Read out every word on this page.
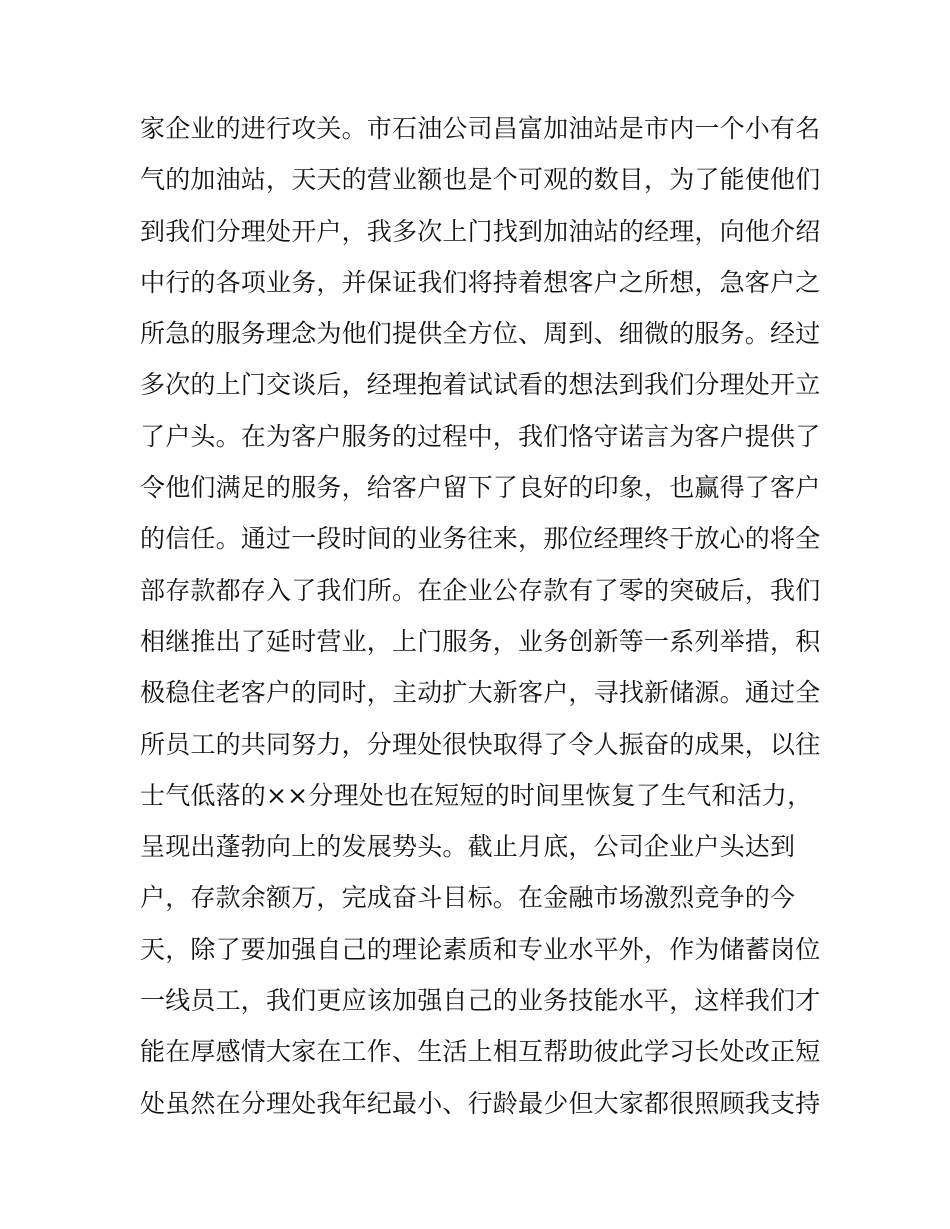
家企业的进行攻关。市石油公司昌富加油站是市内一个小有名
气的加油站，天天的营业额也是个可观的数目，为了能使他们
到我们分理处开户，我多次上门找到加油站的经理，向他介绍
中行的各项业务，并保证我们将持着想客户之所想，急客户之
所急的服务理念为他们提供全方位、周到、细微的服务。经过
多次的上门交谈后，经理抱着试试看的想法到我们分理处开立
了户头。在为客户服务的过程中，我们恪守诺言为客户提供了
令他们满足的服务，给客户留下了良好的印象，也赢得了客户
的信任。通过一段时间的业务往来，那位经理终于放心的将全
部存款都存入了我们所。在企业公存款有了零的突破后，我们
相继推出了延时营业，上门服务，业务创新等一系列举措，积
极稳住老客户的同时，主动扩大新客户，寻找新储源。通过全
所员工的共同努力，分理处很快取得了令人振奋的成果，以往
士气低落的××分理处也在短短的时间里恢复了生气和活力，
呈现出蓬勃向上的发展势头。截止月底，公司企业户头达到
户，存款余额万，完成奋斗目标。在金融市场激烈竞争的今
天，除了要加强自己的理论素质和专业水平外，作为储蓄岗位
一线员工，我们更应该加强自己的业务技能水平，这样我们才
能在厚感情大家在工作、生活上相互帮助彼此学习长处改正短
处虽然在分理处我年纪最小、行龄最少但大家都很照顾我支持
